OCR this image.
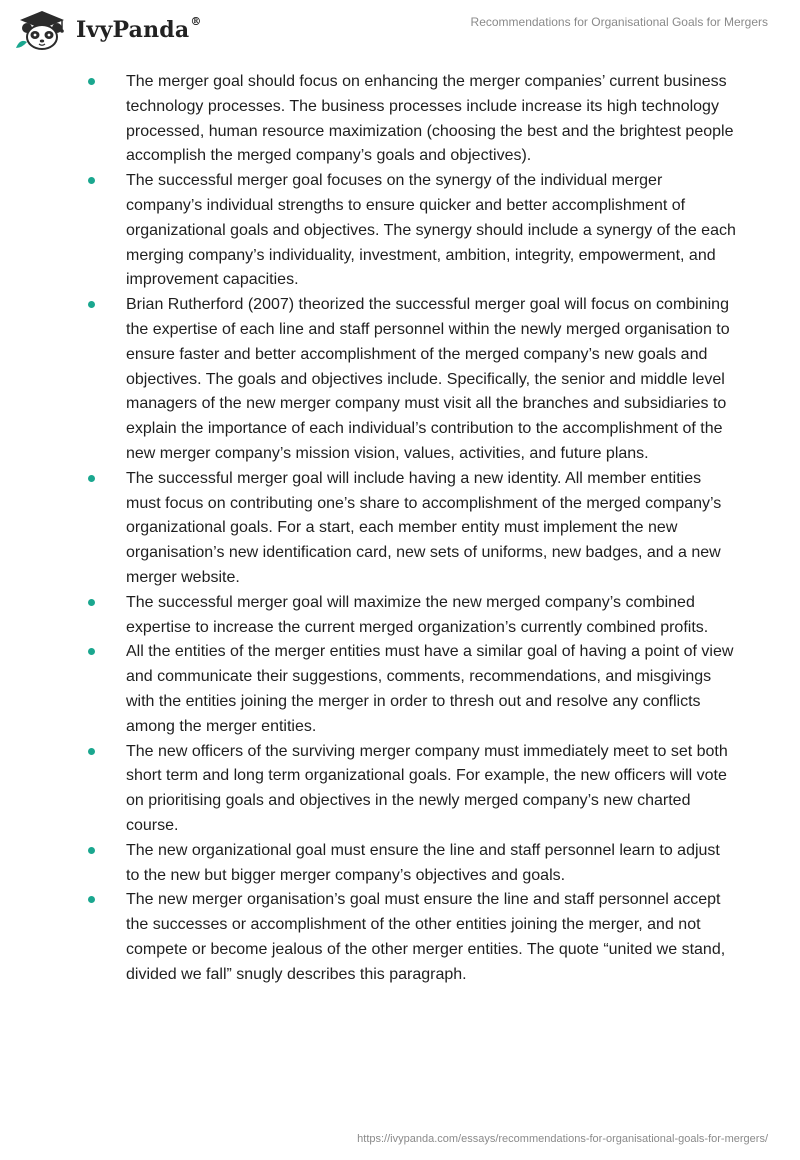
IvyPanda®	Recommendations for Organisational Goals for Mergers
The merger goal should focus on enhancing the merger companies’ current business technology processes. The business processes include increase its high technology processed, human resource maximization (choosing the best and the brightest people accomplish the merged company’s goals and objectives).
The successful merger goal focuses on the synergy of the individual merger company’s individual strengths to ensure quicker and better accomplishment of organizational goals and objectives. The synergy should include a synergy of the each merging company’s individuality, investment, ambition, integrity, empowerment, and improvement capacities.
Brian Rutherford (2007) theorized the successful merger goal will focus on combining the expertise of each line and staff personnel within the newly merged organisation to ensure faster and better accomplishment of the merged company’s new goals and objectives. The goals and objectives include. Specifically, the senior and middle level managers of the new merger company must visit all the branches and subsidiaries to explain the importance of each individual’s contribution to the accomplishment of the new merger company’s mission vision, values, activities, and future plans.
The successful merger goal will include having a new identity. All member entities must focus on contributing one’s share to accomplishment of the merged company’s organizational goals. For a start, each member entity must implement the new organisation’s new identification card, new sets of uniforms, new badges, and a new merger website.
The successful merger goal will maximize the new merged company’s combined expertise to increase the current merged organization’s currently combined profits.
All the entities of the merger entities must have a similar goal of having a point of view and communicate their suggestions, comments, recommendations, and misgivings with the entities joining the merger in order to thresh out and resolve any conflicts among the merger entities.
The new officers of the surviving merger company must immediately meet to set both short term and long term organizational goals. For example, the new officers will vote on prioritising goals and objectives in the newly merged company’s new charted course.
The new organizational goal must ensure the line and staff personnel learn to adjust to the new but bigger merger company’s objectives and goals.
The new merger organisation’s goal must ensure the line and staff personnel accept the successes or accomplishment of the other entities joining the merger, and not compete or become jealous of the other merger entities. The quote “united we stand, divided we fall” snugly describes this paragraph.
https://ivypanda.com/essays/recommendations-for-organisational-goals-for-mergers/
